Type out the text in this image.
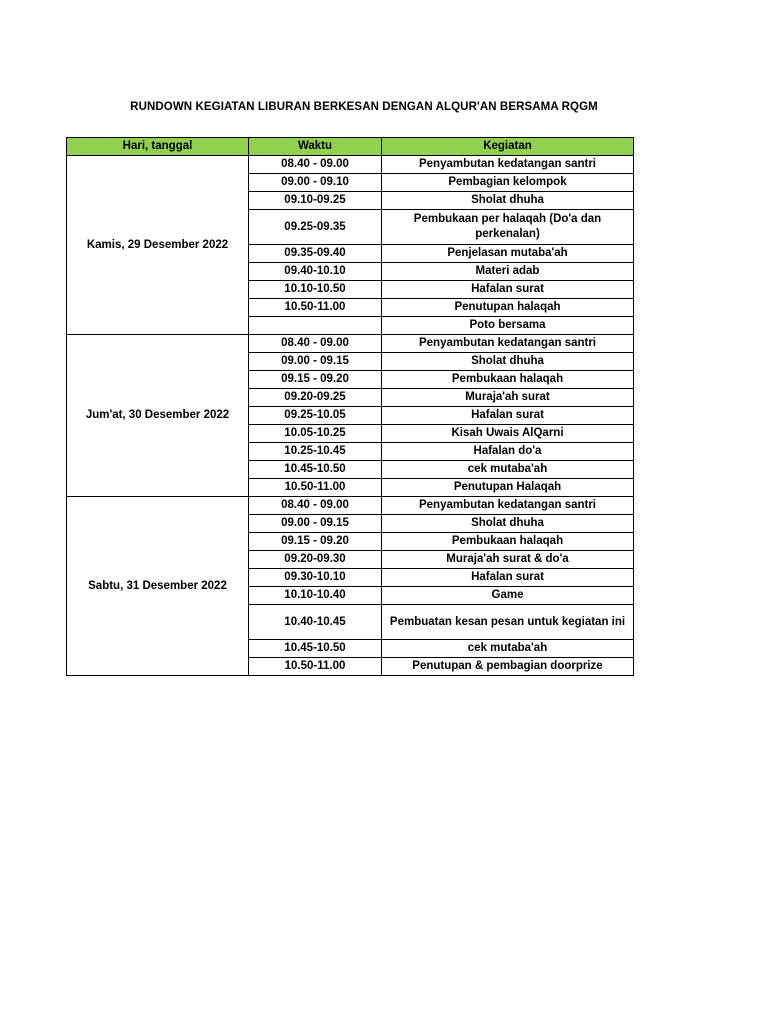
RUNDOWN KEGIATAN LIBURAN BERKESAN DENGAN ALQUR'AN BERSAMA RQGM
Hari, tanggal	Waktu	Kegiatan
Kamis, 29 Desember 2022	08.40 - 09.00	Penyambutan kedatangan santri
	09.00 - 09.10	Pembagian kelompok
	09.10-09.25	Sholat dhuha
	09.25-09.35	Pembukaan per halaqah (Do'a dan perkenalan)
	09.35-09.40	Penjelasan mutaba'ah
	09.40-10.10	Materi adab
	10.10-10.50	Hafalan surat
	10.50-11.00	Penutupan halaqah
		Poto bersama
Jum'at, 30 Desember 2022	08.40 - 09.00	Penyambutan kedatangan santri
	09.00 - 09.15	Sholat dhuha
	09.15 - 09.20	Pembukaan halaqah
	09.20-09.25	Muraja'ah surat
	09.25-10.05	Hafalan surat
	10.05-10.25	Kisah Uwais AlQarni
	10.25-10.45	Hafalan do'a
	10.45-10.50	cek mutaba'ah
	10.50-11.00	Penutupan Halaqah
Sabtu, 31 Desember 2022	08.40 - 09.00	Penyambutan kedatangan santri
	09.00 - 09.15	Sholat dhuha
	09.15 - 09.20	Pembukaan halaqah
	09.20-09.30	Muraja'ah surat & do'a
	09.30-10.10	Hafalan surat
	10.10-10.40	Game
	10.40-10.45	Pembuatan kesan pesan untuk kegiatan ini
	10.45-10.50	cek mutaba'ah
	10.50-11.00	Penutupan & pembagian doorprize
